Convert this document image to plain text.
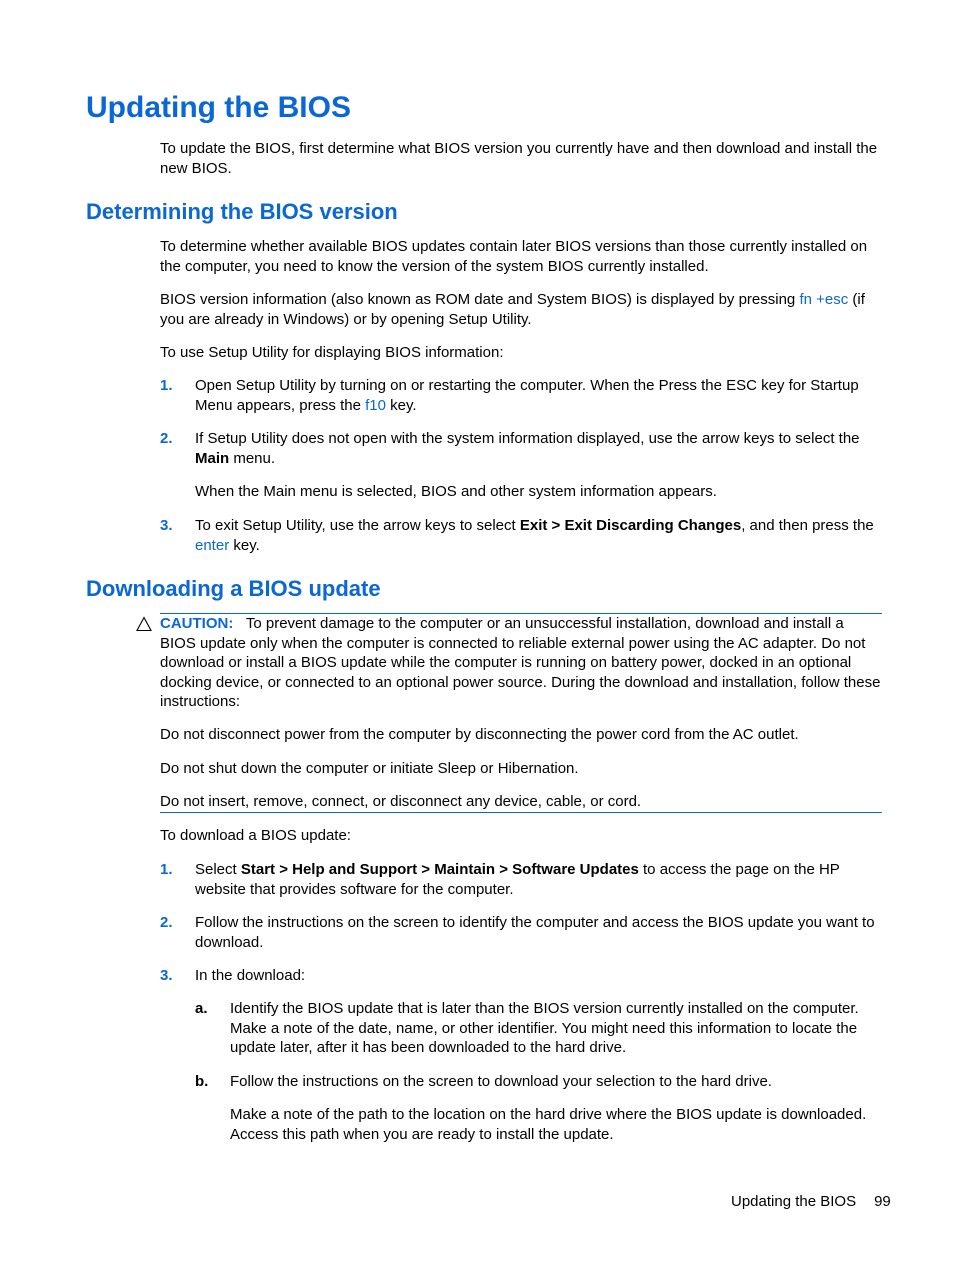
Updating the BIOS

To update the BIOS, first determine what BIOS version you currently have and then download and install the new BIOS.

Determining the BIOS version

To determine whether available BIOS updates contain later BIOS versions than those currently installed on the computer, you need to know the version of the system BIOS currently installed.

BIOS version information (also known as ROM date and System BIOS) is displayed by pressing fn +esc (if you are already in Windows) or by opening Setup Utility.

To use Setup Utility for displaying BIOS information:

1. Open Setup Utility by turning on or restarting the computer. When the Press the ESC key for Startup Menu appears, press the f10 key.

2. If Setup Utility does not open with the system information displayed, use the arrow keys to select the Main menu.

When the Main menu is selected, BIOS and other system information appears.

3. To exit Setup Utility, use the arrow keys to select Exit > Exit Discarding Changes, and then press the enter key.

Downloading a BIOS update

CAUTION: To prevent damage to the computer or an unsuccessful installation, download and install a BIOS update only when the computer is connected to reliable external power using the AC adapter. Do not download or install a BIOS update while the computer is running on battery power, docked in an optional docking device, or connected to an optional power source. During the download and installation, follow these instructions:

Do not disconnect power from the computer by disconnecting the power cord from the AC outlet.

Do not shut down the computer or initiate Sleep or Hibernation.

Do not insert, remove, connect, or disconnect any device, cable, or cord.

To download a BIOS update:

1. Select Start > Help and Support > Maintain > Software Updates to access the page on the HP website that provides software for the computer.

2. Follow the instructions on the screen to identify the computer and access the BIOS update you want to download.

3. In the download:

a. Identify the BIOS update that is later than the BIOS version currently installed on the computer. Make a note of the date, name, or other identifier. You might need this information to locate the update later, after it has been downloaded to the hard drive.

b. Follow the instructions on the screen to download your selection to the hard drive.

Make a note of the path to the location on the hard drive where the BIOS update is downloaded. Access this path when you are ready to install the update.

Updating the BIOS 99
